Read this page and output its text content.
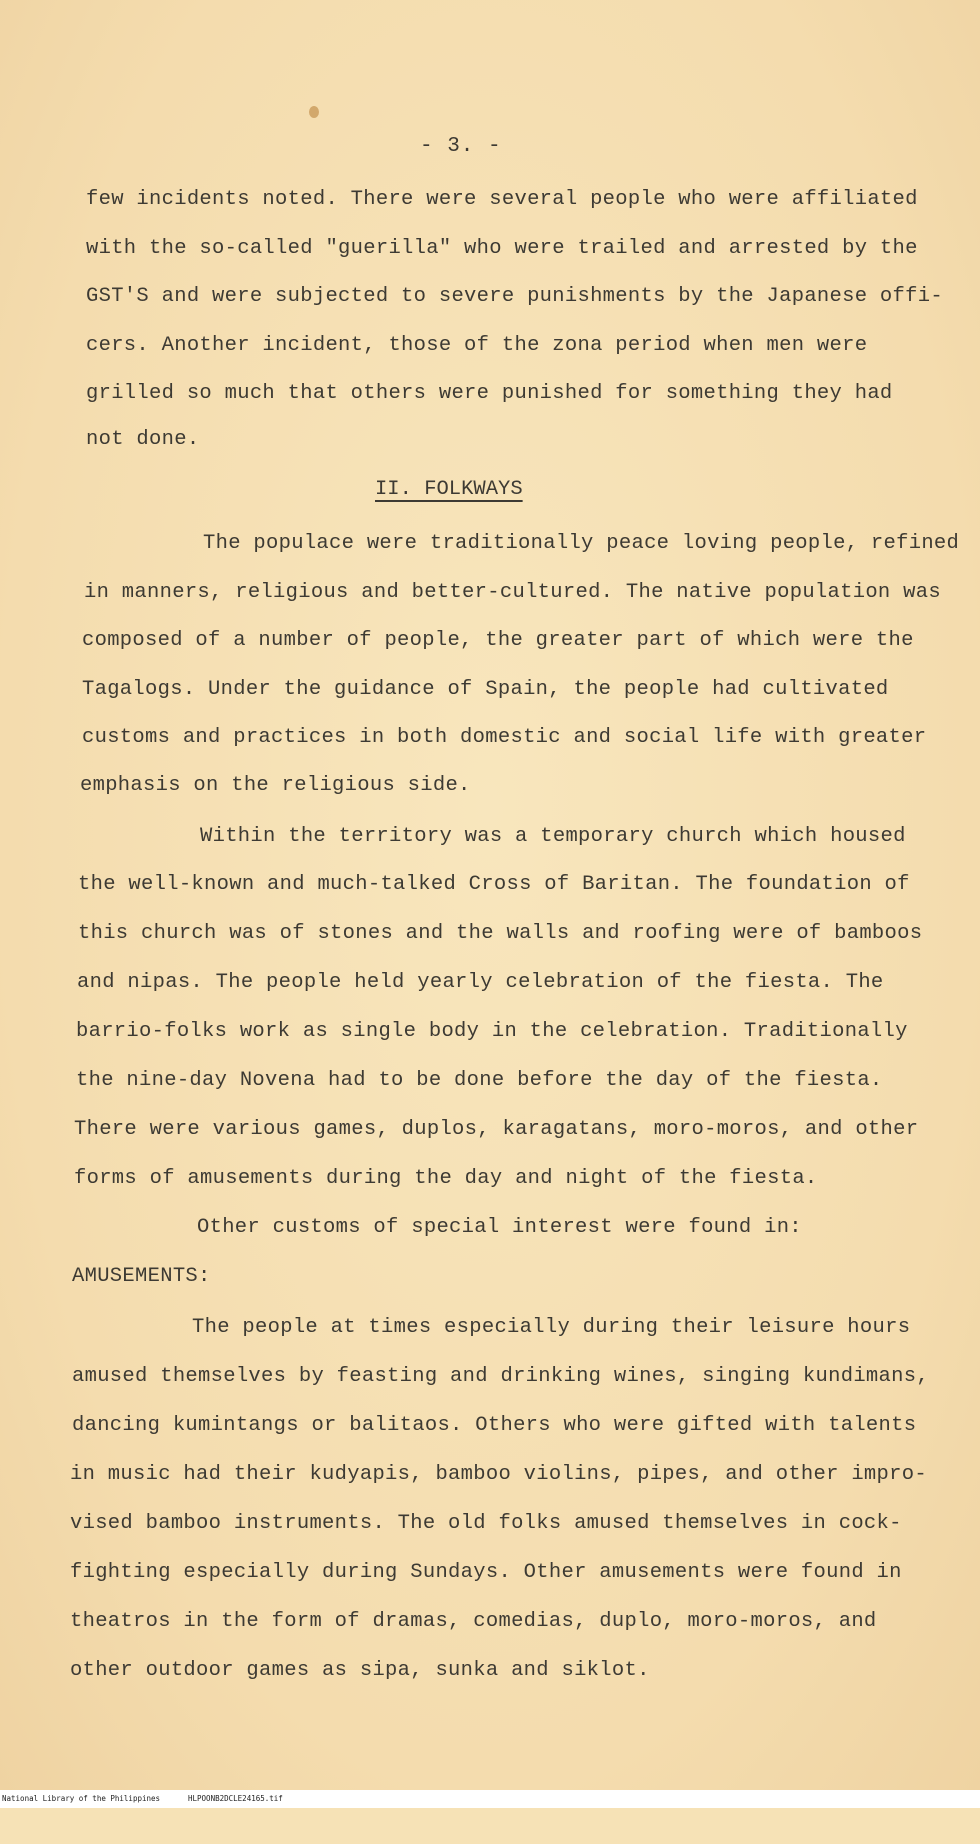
- 3. -
few incidents noted. There were several people who were affiliated
with the so-called "guerilla" who were trailed and arrested by the
GST'S and were subjected to severe punishments by the Japanese offi-
cers. Another incident, those of the zona period when men were
grilled so much that others were punished for something they had
not done.
II. FOLKWAYS
The populace were traditionally peace loving people, refined
in manners, religious and better-cultured. The native population was
composed of a number of people, the greater part of which were the
Tagalogs. Under the guidance of Spain, the people had cultivated
customs and practices in both domestic and social life with greater
emphasis on the religious side.
Within the territory was a temporary church which housed
the well-known and much-talked Cross of Baritan. The foundation of
this church was of stones and the walls and roofing were of bamboos
and nipas. The people held yearly celebration of the fiesta. The
barrio-folks work as single body in the celebration. Traditionally
the nine-day Novena had to be done before the day of the fiesta.
There were various games, duplos, karagatans, moro-moros, and other
forms of amusements during the day and night of the fiesta.
Other customs of special interest were found in:
AMUSEMENTS:
The people at times especially during their leisure hours
amused themselves by feasting and drinking wines, singing kundimans,
dancing kumintangs or balitaos. Others who were gifted with talents
in music had their kudyapis, bamboo violins, pipes, and other impro-
vised bamboo instruments. The old folks amused themselves in cock-
fighting especially during Sundays. Other amusements were found in
theatros in the form of dramas, comedias, duplo, moro-moros, and
other outdoor games as sipa, sunka and siklot.

National Library of the Philippines

	HLPOONB2DCLE24165.tif
